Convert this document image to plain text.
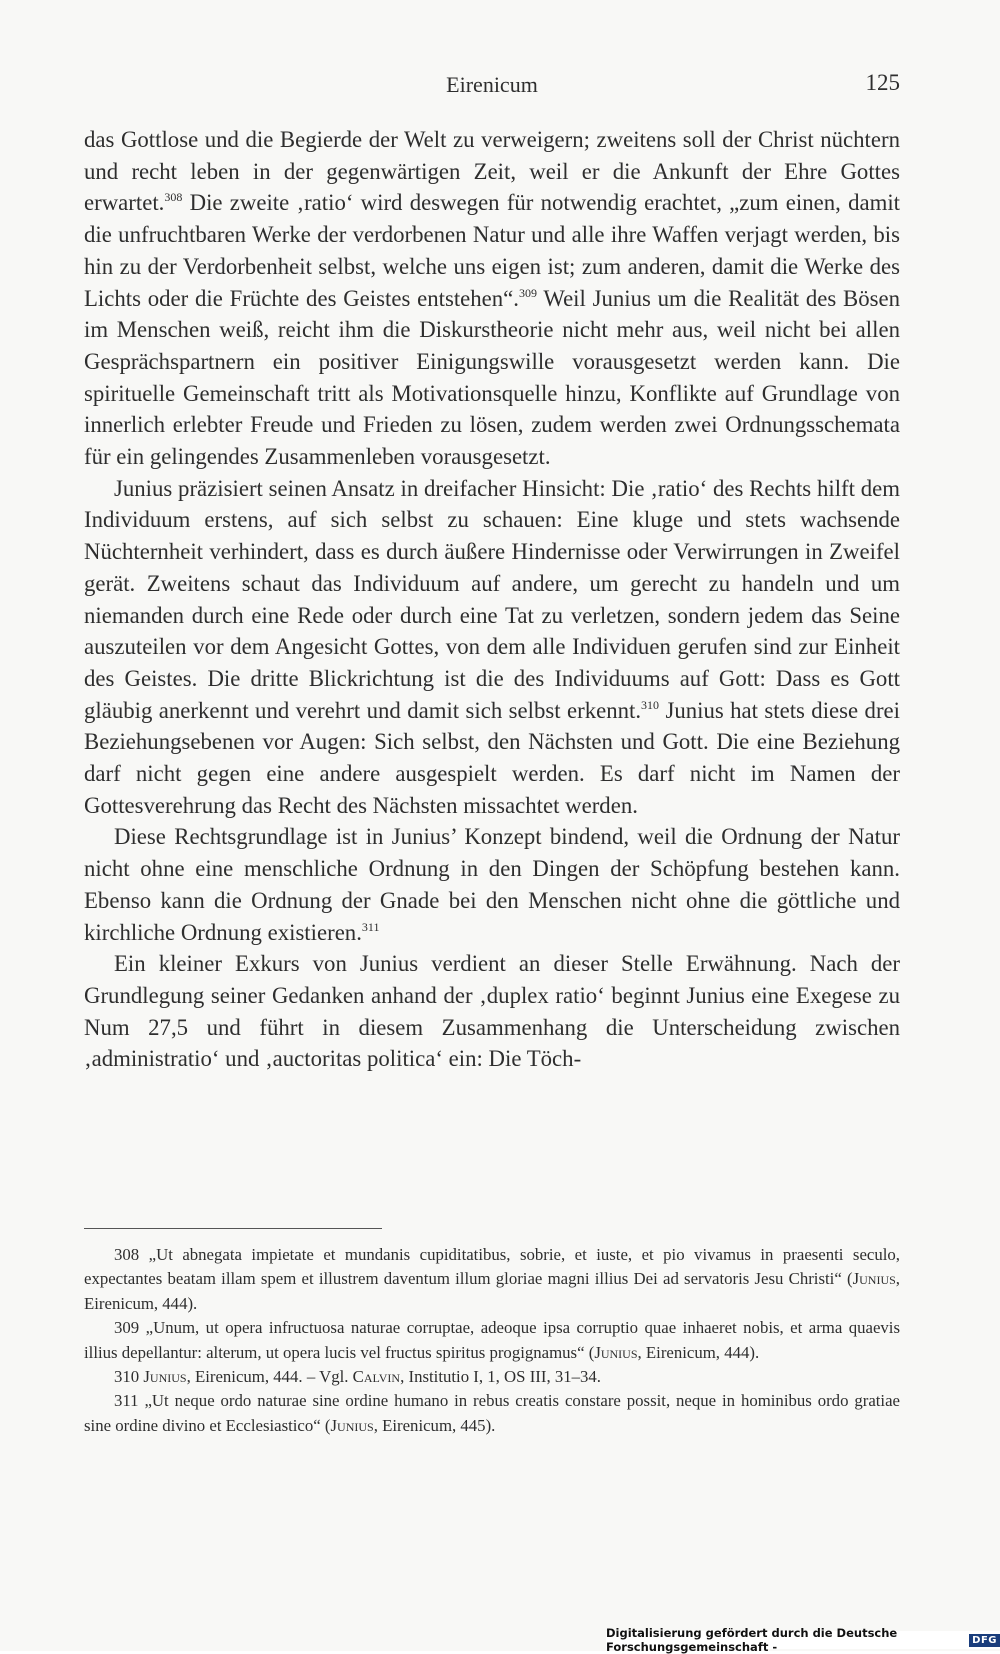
Eirenicum	125

das Gottlose und die Begierde der Welt zu verweigern; zweitens soll der Christ nüchtern und recht leben in der gegenwärtigen Zeit, weil er die Ankunft der Ehre Gottes erwartet.$^{308}$ Die zweite ‚ratio‘ wird deswegen für notwendig erachtet, „zum einen, damit die unfruchtbaren Werke der verdorbenen Natur und alle ihre Waffen verjagt werden, bis hin zu der Verdorbenheit selbst, welche uns eigen ist; zum anderen, damit die Werke des Lichts oder die Früchte des Geistes entstehen“.$^{309}$ Weil Junius um die Realität des Bösen im Menschen weiß, reicht ihm die Diskurstheorie nicht mehr aus, weil nicht bei allen Gesprächspartnern ein positiver Einigungswille vorausgesetzt werden kann. Die spirituelle Gemeinschaft tritt als Motivationsquelle hinzu, Konflikte auf Grundlage von innerlich erlebter Freude und Frieden zu lösen, zudem werden zwei Ordnungsschemata für ein gelingendes Zusammenleben vorausgesetzt.

Junius präzisiert seinen Ansatz in dreifacher Hinsicht: Die ‚ratio‘ des Rechts hilft dem Individuum erstens, auf sich selbst zu schauen: Eine kluge und stets wachsende Nüchternheit verhindert, dass es durch äußere Hindernisse oder Verwirrungen in Zweifel gerät. Zweitens schaut das Individuum auf andere, um gerecht zu handeln und um niemanden durch eine Rede oder durch eine Tat zu verletzen, sondern jedem das Seine auszuteilen vor dem Angesicht Gottes, von dem alle Individuen gerufen sind zur Einheit des Geistes. Die dritte Blickrichtung ist die des Individuums auf Gott: Dass es Gott gläubig anerkennt und verehrt und damit sich selbst erkennt.$^{310}$ Junius hat stets diese drei Beziehungsebenen vor Augen: Sich selbst, den Nächsten und Gott. Die eine Beziehung darf nicht gegen eine andere ausgespielt werden. Es darf nicht im Namen der Gottesverehrung das Recht des Nächsten missachtet werden.

Diese Rechtsgrundlage ist in Junius’ Konzept bindend, weil die Ordnung der Natur nicht ohne eine menschliche Ordnung in den Dingen der Schöpfung bestehen kann. Ebenso kann die Ordnung der Gnade bei den Menschen nicht ohne die göttliche und kirchliche Ordnung existieren.$^{311}$

Ein kleiner Exkurs von Junius verdient an dieser Stelle Erwähnung. Nach der Grundlegung seiner Gedanken anhand der ‚duplex ratio‘ beginnt Junius eine Exegese zu Num 27,5 und führt in diesem Zusammenhang die Unterscheidung zwischen ‚administratio‘ und ‚auctoritas politica‘ ein: Die Töch-

308 „Ut abnegata impietate et mundanis cupiditatibus, sobrie, et iuste, et pio vivamus in praesenti seculo, expectantes beatam illam spem et illustrem daventum illum gloriae magni illius Dei ad servatoris Jesu Christi“ (Junius, Eirenicum, 444).

309 „Unum, ut opera infructuosa naturae corruptae, adeoque ipsa corruptio quae inhaeret nobis, et arma quaevis illius depellantur: alterum, ut opera lucis vel fructus spiritus progignamus“ (Junius, Eirenicum, 444).

310 Junius, Eirenicum, 444. – Vgl. Calvin, Institutio I, 1, OS III, 31–34.

311 „Ut neque ordo naturae sine ordine humano in rebus creatis constare possit, neque in hominibus ordo gratiae sine ordine divino et Ecclesiastico“ (Junius, Eirenicum, 445).

Digitalisierung gefördert durch die Deutsche Forschungsgemeinschaft -	DFG
